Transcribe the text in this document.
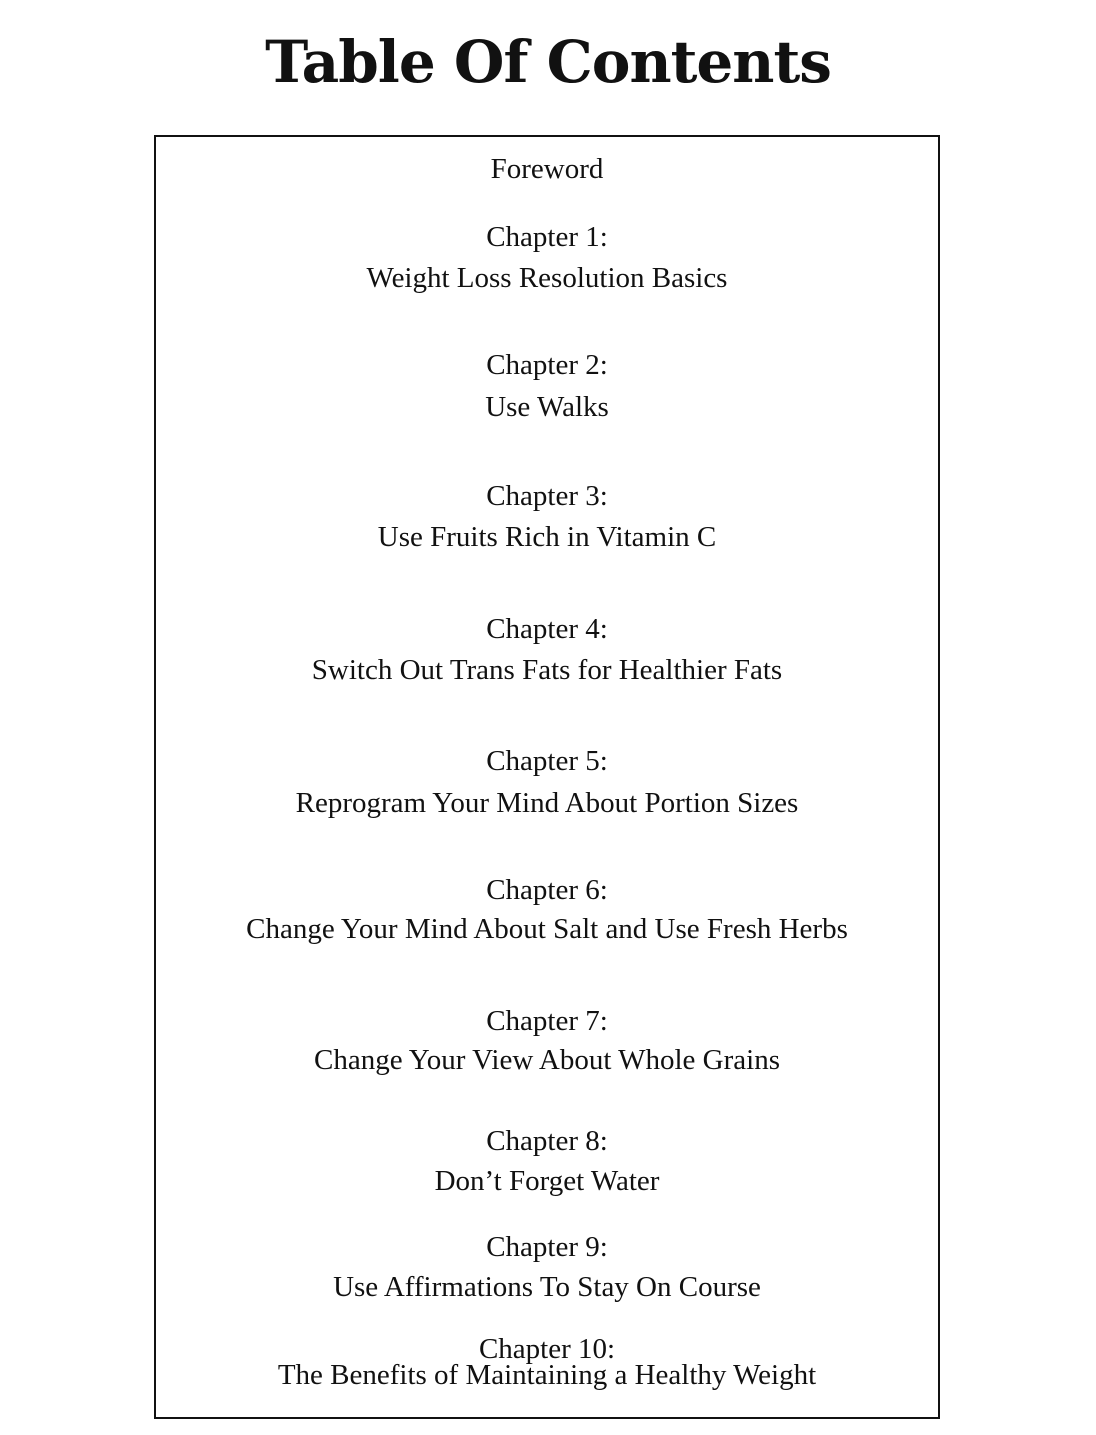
Table Of Contents
Foreword
Chapter 1:
Weight Loss Resolution Basics
Chapter 2:
Use Walks
Chapter 3:
Use Fruits Rich in Vitamin C
Chapter 4:
Switch Out Trans Fats for Healthier Fats
Chapter 5:
Reprogram Your Mind About Portion Sizes
Chapter 6:
Change Your Mind About Salt and Use Fresh Herbs
Chapter 7:
Change Your View About Whole Grains
Chapter 8:
Don’t Forget Water
Chapter 9:
Use Affirmations To Stay On Course
Chapter 10:
The Benefits of Maintaining a Healthy Weight
